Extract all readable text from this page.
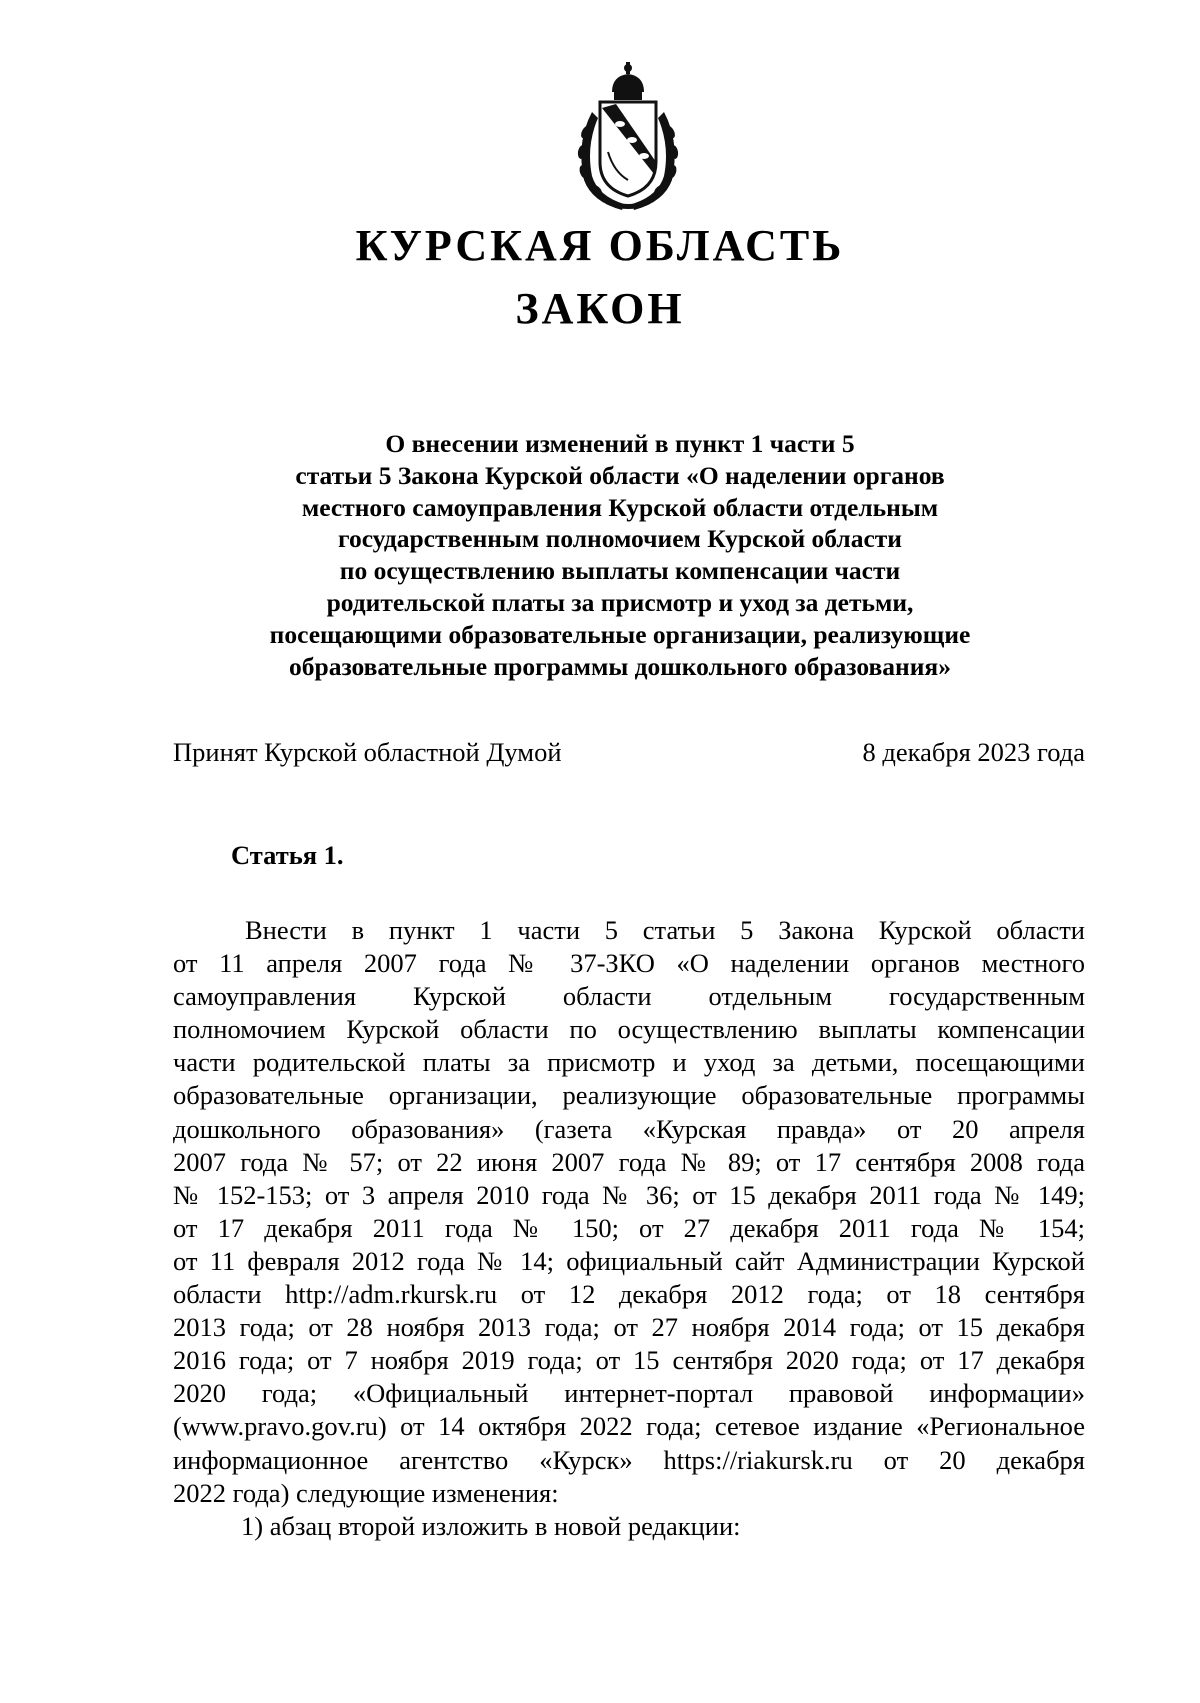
КУРСКАЯ ОБЛАСТЬ
ЗАКОН
О внесении изменений в пункт 1 части 5
статьи 5 Закона Курской области «О наделении органов
местного самоуправления Курской области отдельным
государственным полномочием Курской области
по осуществлению выплаты компенсации части
родительской платы за присмотр и уход за детьми,
посещающими образовательные организации, реализующие
образовательные программы дошкольного образования»
Принят Курской областной Думой	8 декабря 2023 года
Статья 1.
Внести в пункт 1 части 5 статьи 5 Закона Курской области
от 11 апреля 2007 года № 37-ЗКО «О наделении органов местного
самоуправления Курской области отдельным государственным
полномочием Курской области по осуществлению выплаты компенсации
части родительской платы за присмотр и уход за детьми, посещающими
образовательные организации, реализующие образовательные программы
дошкольного образования» (газета «Курская правда» от 20 апреля
2007 года № 57; от 22 июня 2007 года № 89; от 17 сентября 2008 года
№ 152-153; от 3 апреля 2010 года № 36; от 15 декабря 2011 года № 149;
от 17 декабря 2011 года № 150; от 27 декабря 2011 года № 154;
от 11 февраля 2012 года № 14; официальный сайт Администрации Курской
области http://adm.rkursk.ru от 12 декабря 2012 года; от 18 сентября
2013 года; от 28 ноября 2013 года; от 27 ноября 2014 года; от 15 декабря
2016 года; от 7 ноября 2019 года; от 15 сентября 2020 года; от 17 декабря
2020 года; «Официальный интернет-портал правовой информации»
(www.pravo.gov.ru) от 14 октября 2022 года; сетевое издание «Региональное
информационное агентство «Курск» https://riakursk.ru от 20 декабря
2022 года) следующие изменения:
1) абзац второй изложить в новой редакции:
